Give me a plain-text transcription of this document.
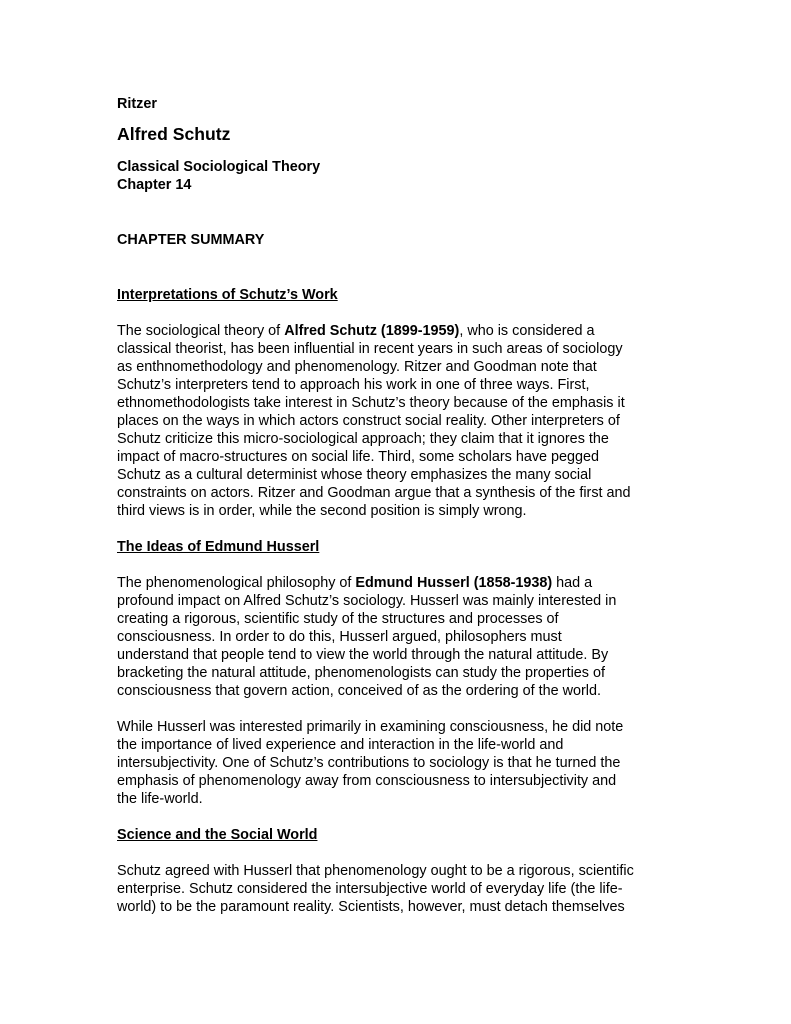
Ritzer
Alfred Schutz
Classical Sociological Theory
Chapter 14
CHAPTER SUMMARY
Interpretations of Schutz’s Work
The sociological theory of Alfred Schutz (1899-1959), who is considered a
classical theorist, has been influential in recent years in such areas of sociology
as enthnomethodology and phenomenology. Ritzer and Goodman note that
Schutz’s interpreters tend to approach his work in one of three ways. First,
ethnomethodologists take interest in Schutz’s theory because of the emphasis it
places on the ways in which actors construct social reality. Other interpreters of
Schutz criticize this micro-sociological approach; they claim that it ignores the
impact of macro-structures on social life. Third, some scholars have pegged
Schutz as a cultural determinist whose theory emphasizes the many social
constraints on actors. Ritzer and Goodman argue that a synthesis of the first and
third views is in order, while the second position is simply wrong.
The Ideas of Edmund Husserl
The phenomenological philosophy of Edmund Husserl (1858-1938) had a
profound impact on Alfred Schutz’s sociology. Husserl was mainly interested in
creating a rigorous, scientific study of the structures and processes of
consciousness. In order to do this, Husserl argued, philosophers must
understand that people tend to view the world through the natural attitude. By
bracketing the natural attitude, phenomenologists can study the properties of
consciousness that govern action, conceived of as the ordering of the world.
While Husserl was interested primarily in examining consciousness, he did note
the importance of lived experience and interaction in the life-world and
intersubjectivity. One of Schutz’s contributions to sociology is that he turned the
emphasis of phenomenology away from consciousness to intersubjectivity and
the life-world.
Science and the Social World
Schutz agreed with Husserl that phenomenology ought to be a rigorous, scientific
enterprise. Schutz considered the intersubjective world of everyday life (the life-
world) to be the paramount reality. Scientists, however, must detach themselves
